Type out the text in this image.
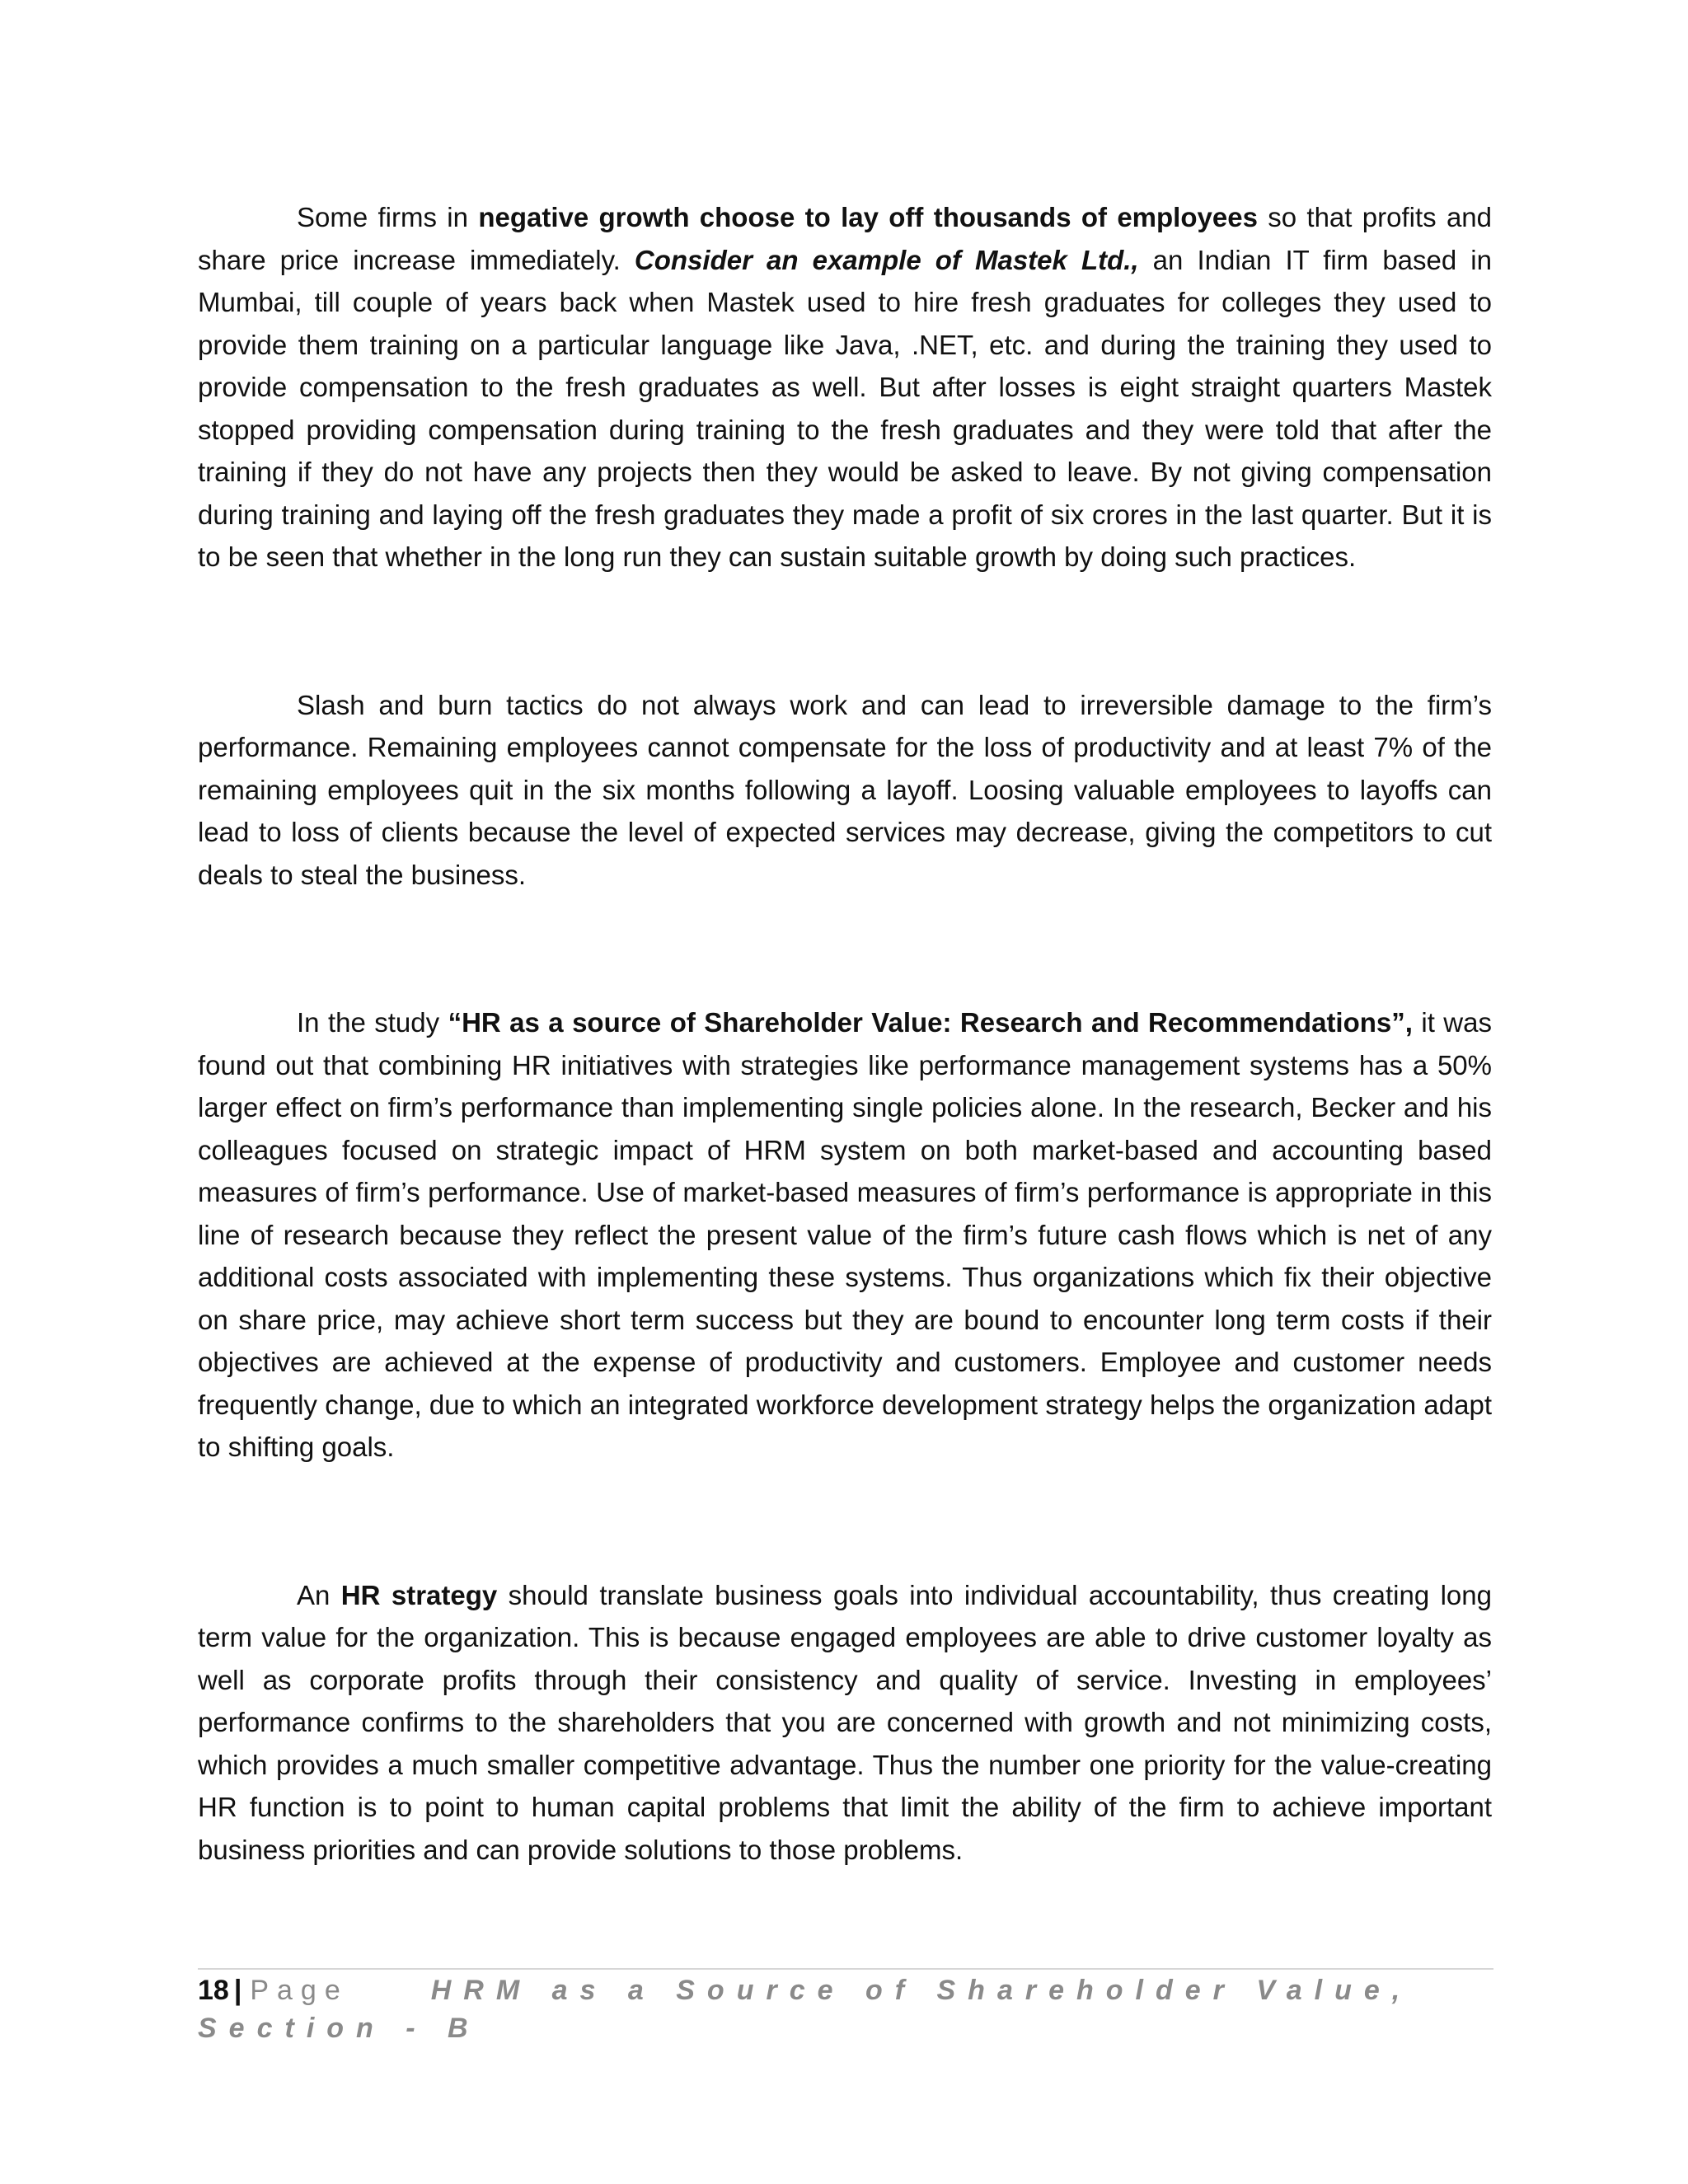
Some firms in negative growth choose to lay off thousands of employees so that profits and share price increase immediately. Consider an example of Mastek Ltd., an Indian IT firm based in Mumbai, till couple of years back when Mastek used to hire fresh graduates for colleges they used to provide them training on a particular language like Java, .NET, etc. and during the training they used to provide compensation to the fresh graduates as well. But after losses is eight straight quarters Mastek stopped providing compensation during training to the fresh graduates and they were told that after the training if they do not have any projects then they would be asked to leave. By not giving compensation during training and laying off the fresh graduates they made a profit of six crores in the last quarter. But it is to be seen that whether in the long run they can sustain suitable growth by doing such practices.

Slash and burn tactics do not always work and can lead to irreversible damage to the firm’s performance. Remaining employees cannot compensate for the loss of productivity and at least 7% of the remaining employees quit in the six months following a layoff. Loosing valuable employees to layoffs can lead to loss of clients because the level of expected services may decrease, giving the competitors to cut deals to steal the business.

In the study “HR as a source of Shareholder Value: Research and Recommendations”, it was found out that combining HR initiatives with strategies like performance management systems has a 50% larger effect on firm’s performance than implementing single policies alone. In the research, Becker and his colleagues focused on strategic impact of HRM system on both market-based and accounting based measures of firm’s performance. Use of market-based measures of firm’s performance is appropriate in this line of research because they reflect the present value of the firm’s future cash flows which is net of any additional costs associated with implementing these systems. Thus organizations which fix their objective on share price, may achieve short term success but they are bound to encounter long term costs if their objectives are achieved at the expense of productivity and customers. Employee and customer needs frequently change, due to which an integrated workforce development strategy helps the organization adapt to shifting goals.

An HR strategy should translate business goals into individual accountability, thus creating long term value for the organization. This is because engaged employees are able to drive customer loyalty as well as corporate profits through their consistency and quality of service. Investing in employees’ performance confirms to the shareholders that you are concerned with growth and not minimizing costs, which provides a much smaller competitive advantage. Thus the number one priority for the value-creating HR function is to point to human capital problems that limit the ability of the firm to achieve important business priorities and can provide solutions to those problems.

18 | Page	HRM as a Source of Shareholder Value, Section - B
